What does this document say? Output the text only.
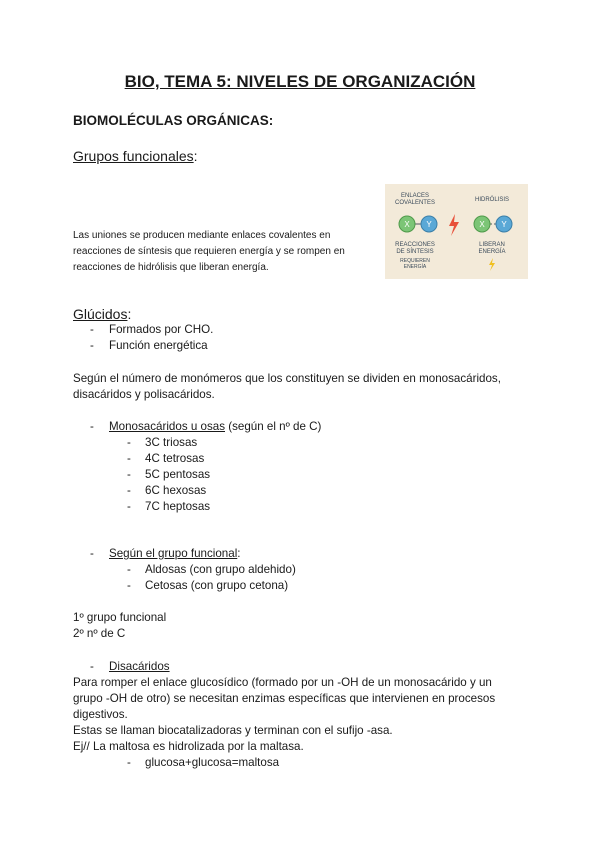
BIO, TEMA 5: NIVELES DE ORGANIZACIÓN
BIOMOLÉCULAS ORGÁNICAS:
Grupos funcionales:
Las uniones se producen mediante enlaces covalentes en reacciones de síntesis que requieren energía y se rompen en reacciones de hidrólisis que liberan energía.
ENLACES
COVALENTES	HIDRÓLISIS
X Y	X Y
REACCIONES
DE SÍNTESIS
REQUIEREN
ENERGÍA
LIBERAN
ENERGÍA
Glúcidos:
- Formados por CHO.
- Función energética
Según el número de monómeros que los constituyen se dividen en monosacáridos, disacáridos y polisacáridos.
- Monosacáridos u osas (según el nº de C)
- 3C triosas
- 4C tetrosas
- 5C pentosas
- 6C hexosas
- 7C heptosas
- Según el grupo funcional:
- Aldosas (con grupo aldehido)
- Cetosas (con grupo cetona)
1º grupo funcional
2º nº de C
- Disacáridos
Para romper el enlace glucosídico (formado por un -OH de un monosacárido y un
grupo -OH de otro) se necesitan enzimas específicas que intervienen en procesos
digestivos.
Estas se llaman biocatalizadoras y terminan con el sufijo -asa.
Ej// La maltosa es hidrolizada por la maltasa.
- glucosa+glucosa=maltosa
